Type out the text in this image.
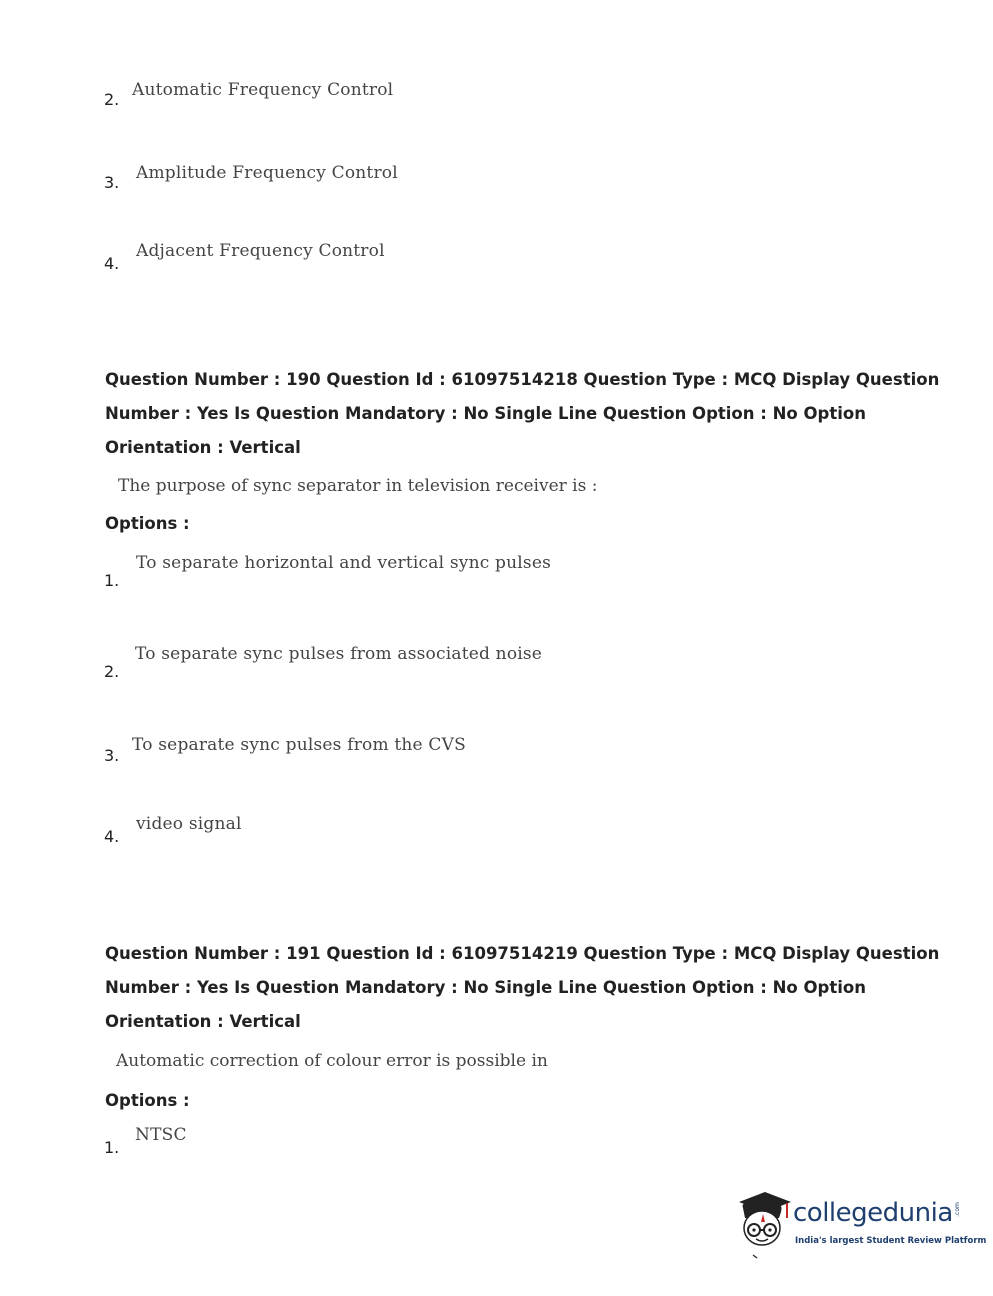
2. Automatic Frequency Control
3. Amplitude Frequency Control
4.
Adjacent Frequency Control
Question Number : 190 Question Id : 61097514218 Question Type : MCQ Display Question
Number : Yes Is Question Mandatory : No Single Line Question Option : No Option
Orientation : Vertical
The purpose of sync separator in television receiver is :
Options :
1.
To separate horizontal and vertical sync pulses
2.
To separate sync pulses from associated noise
3.
To separate sync pulses from the CVS
4.
video signal
Question Number : 191 Question Id : 61097514219 Question Type : MCQ Display Question
Number : Yes Is Question Mandatory : No Single Line Question Option : No Option
Orientation : Vertical
Automatic correction of colour error is possible in
Options :
1.
NTSC
collegedunia .com
India's largest Student Review Platform
